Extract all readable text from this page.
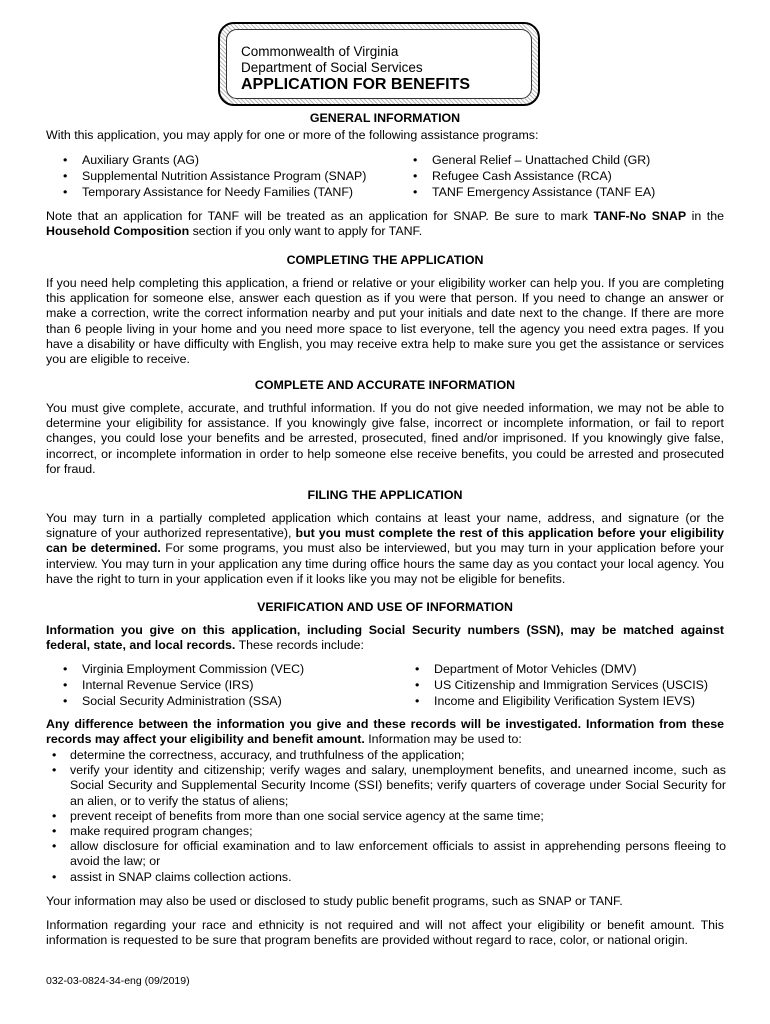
Commonwealth of Virginia
Department of Social Services
APPLICATION FOR BENEFITS
GENERAL INFORMATION
With this application, you may apply for one or more of the following assistance programs:
• Auxiliary Grants (AG)
• Supplemental Nutrition Assistance Program (SNAP)
• Temporary Assistance for Needy Families (TANF)
• General Relief – Unattached Child (GR)
• Refugee Cash Assistance (RCA)
• TANF Emergency Assistance (TANF EA)
Note that an application for TANF will be treated as an application for SNAP. Be sure to mark TANF-No SNAP in the Household Composition section if you only want to apply for TANF.
COMPLETING THE APPLICATION
If you need help completing this application, a friend or relative or your eligibility worker can help you. If you are completing this application for someone else, answer each question as if you were that person. If you need to change an answer or make a correction, write the correct information nearby and put your initials and date next to the change. If there are more than 6 people living in your home and you need more space to list everyone, tell the agency you need extra pages. If you have a disability or have difficulty with English, you may receive extra help to make sure you get the assistance or services you are eligible to receive.
COMPLETE AND ACCURATE INFORMATION
You must give complete, accurate, and truthful information. If you do not give needed information, we may not be able to determine your eligibility for assistance. If you knowingly give false, incorrect or incomplete information, or fail to report changes, you could lose your benefits and be arrested, prosecuted, fined and/or imprisoned. If you knowingly give false, incorrect, or incomplete information in order to help someone else receive benefits, you could be arrested and prosecuted for fraud.
FILING THE APPLICATION
You may turn in a partially completed application which contains at least your name, address, and signature (or the signature of your authorized representative), but you must complete the rest of this application before your eligibility can be determined. For some programs, you must also be interviewed, but you may turn in your application before your interview. You may turn in your application any time during office hours the same day as you contact your local agency. You have the right to turn in your application even if it looks like you may not be eligible for benefits.
VERIFICATION AND USE OF INFORMATION
Information you give on this application, including Social Security numbers (SSN), may be matched against federal, state, and local records. These records include:
• Virginia Employment Commission (VEC)
• Internal Revenue Service (IRS)
• Social Security Administration (SSA)
• Department of Motor Vehicles (DMV)
• US Citizenship and Immigration Services (USCIS)
• Income and Eligibility Verification System IEVS)
Any difference between the information you give and these records will be investigated. Information from these records may affect your eligibility and benefit amount. Information may be used to:
• determine the correctness, accuracy, and truthfulness of the application;
• verify your identity and citizenship; verify wages and salary, unemployment benefits, and unearned income, such as Social Security and Supplemental Security Income (SSI) benefits; verify quarters of coverage under Social Security for an alien, or to verify the status of aliens;
• prevent receipt of benefits from more than one social service agency at the same time;
• make required program changes;
• allow disclosure for official examination and to law enforcement officials to assist in apprehending persons fleeing to avoid the law; or
• assist in SNAP claims collection actions.
Your information may also be used or disclosed to study public benefit programs, such as SNAP or TANF.
Information regarding your race and ethnicity is not required and will not affect your eligibility or benefit amount. This information is requested to be sure that program benefits are provided without regard to race, color, or national origin.
032-03-0824-34-eng (09/2019)
